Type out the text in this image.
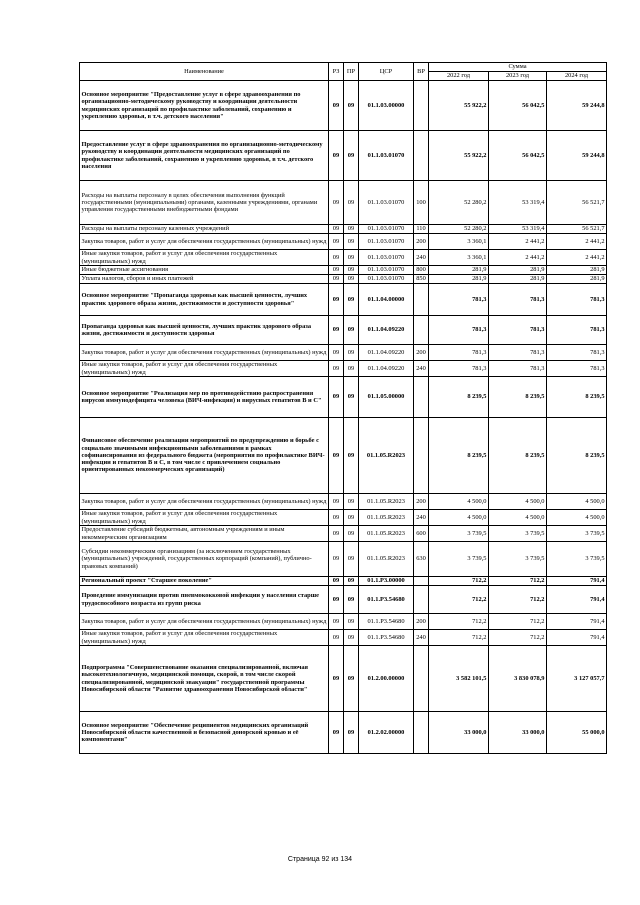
Наименование	РЗ	ПР	ЦСР	ВР	Сумма		
					2022 год	2023 год	2024 год
Основное мероприятие "Предоставление услуг в сфере здравоохранения по организационно-методическому руководству и координации деятельности медицинских организаций по профилактике заболеваний, сохранению и укреплению здоровья, в т.ч. детского населения"	09	09	01.1.03.00000		55 922,2	56 042,5	59 244,8
Предоставление услуг в сфере здравоохранения по организационно-методическому руководству и координации деятельности медицинских организаций по профилактике заболеваний, сохранению и укреплению здоровья, в т.ч. детского населения	09	09	01.1.03.01070		55 922,2	56 042,5	59 244,8
Расходы на выплаты персоналу в целях обеспечения выполнения функций государственными (муниципальными) органами, казенными учреждениями, органами управления государственными внебюджетными фондами	09	09	01.1.03.01070	100	52 280,2	53 319,4	56 521,7
Расходы на выплаты персоналу казенных учреждений	09	09	01.1.03.01070	110	52 280,2	53 319,4	56 521,7
Закупка товаров, работ и услуг для обеспечения государственных (муниципальных) нужд	09	09	01.1.03.01070	200	3 360,1	2 441,2	2 441,2
Иные закупки товаров, работ и услуг для обеспечения государственных (муниципальных) нужд	09	09	01.1.03.01070	240	3 360,1	2 441,2	2 441,2
Иные бюджетные ассигнования	09	09	01.1.03.01070	800	281,9	281,9	281,9
Уплата налогов, сборов и иных платежей	09	09	01.1.03.01070	850	281,9	281,9	281,9
Основное мероприятие "Пропаганда здоровья как высшей ценности, лучших практик здорового образа жизни, достижимости и доступности здоровья"	09	09	01.1.04.00000		781,3	781,3	781,3
Пропаганда здоровья как высшей ценности, лучших практик здорового образа жизни, достижимости и доступности здоровья	09	09	01.1.04.09220		781,3	781,3	781,3
Закупка товаров, работ и услуг для обеспечения государственных (муниципальных) нужд	09	09	01.1.04.09220	200	781,3	781,3	781,3
Иные закупки товаров, работ и услуг для обеспечения государственных (муниципальных) нужд	09	09	01.1.04.09220	240	781,3	781,3	781,3
Основное мероприятие "Реализация мер по противодействию распространения вирусов иммунодефицита человека (ВИЧ-инфекция) и вирусных гепатитов В и С"	09	09	01.1.05.00000		8 239,5	8 239,5	8 239,5
Финансовое обеспечение реализации мероприятий по предупреждению и борьбе с социально значимыми инфекционными заболеваниями в рамках софинансирования из федерального бюджета (мероприятия по профилактике ВИЧ-инфекции и гепатитов В и С, в том числе с привлечением социально ориентированных некоммерческих организаций)	09	09	01.1.05.R2023		8 239,5	8 239,5	8 239,5
Закупка товаров, работ и услуг для обеспечения государственных (муниципальных) нужд	09	09	01.1.05.R2023	200	4 500,0	4 500,0	4 500,0
Иные закупки товаров, работ и услуг для обеспечения государственных (муниципальных) нужд	09	09	01.1.05.R2023	240	4 500,0	4 500,0	4 500,0
Предоставление субсидий бюджетным, автономным учреждениям и иным некоммерческим организациям	09	09	01.1.05.R2023	600	3 739,5	3 739,5	3 739,5
Субсидии некоммерческим организациям (за исключением государственных (муниципальных) учреждений, государственных корпораций (компаний), публично-правовых компаний)	09	09	01.1.05.R2023	630	3 739,5	3 739,5	3 739,5
Региональный проект "Старшее поколение"	09	09	01.1.P3.00000		712,2	712,2	791,4
Проведение иммунизации против пневмококковой инфекции у населения старше трудоспособного возраста из групп риска	09	09	01.1.P3.54680		712,2	712,2	791,4
Закупка товаров, работ и услуг для обеспечения государственных (муниципальных) нужд	09	09	01.1.P3.54680	200	712,2	712,2	791,4
Иные закупки товаров, работ и услуг для обеспечения государственных (муниципальных) нужд	09	09	01.1.P3.54680	240	712,2	712,2	791,4
Подпрограмма "Совершенствование оказания специализированной, включая высокотехнологичную, медицинской помощи, скорой, в том числе скорой специализированной, медицинской эвакуации" государственной программы Новосибирской области "Развитие здравоохранения Новосибирской области"	09	09	01.2.00.00000		3 582 101,5	3 830 078,9	3 127 057,7
Основное мероприятие "Обеспечение реципиентов медицинских организаций Новосибирской области качественной и безопасной донорской кровью и её компонентами"	09	09	01.2.02.00000		33 000,0	33 000,0	55 000,0
Страница 92 из 134
